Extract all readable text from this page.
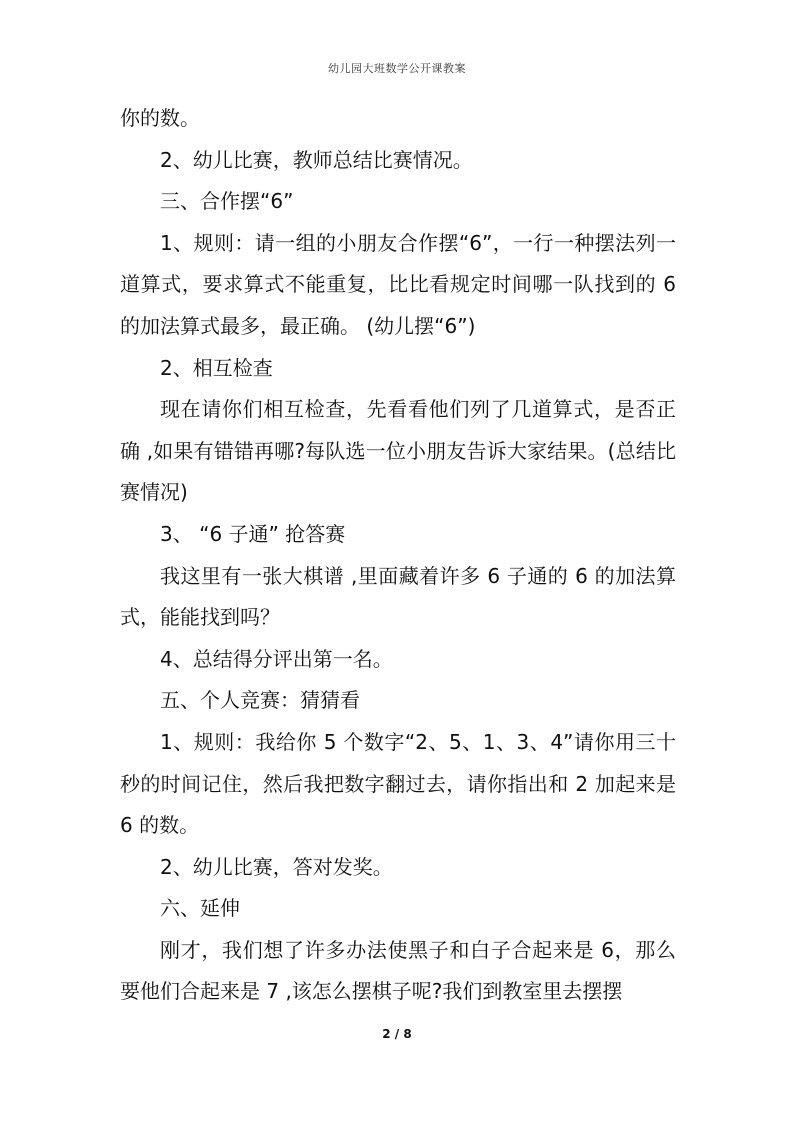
幼儿园大班数学公开课教案

你的数。

2、幼儿比赛，教师总结比赛情况。

三、合作摆“6”

1、规则：请一组的小朋友合作摆“6”，一行一种摆法列一道算式，要求算式不能重复，比比看规定时间哪一队找到的 6 的加法算式最多，最正确。 (幼儿摆“6”)

2、相互检查

现在请你们相互检查，先看看他们列了几道算式，是否正确 ,如果有错错再哪?每队选一位小朋友告诉大家结果。(总结比赛情况)

3、 “6 子通” 抢答赛

我这里有一张大棋谱 ,里面藏着许多 6 子通的 6 的加法算式，能能找到吗？

4、总结得分评出第一名。

五、个人竞赛：猜猜看

1、规则：我给你 5 个数字“2、5、1、3、4”请你用三十秒的时间记住，然后我把数字翻过去，请你指出和 2 加起来是 6 的数。

2、幼儿比赛，答对发奖。

六、延伸

刚才，我们想了许多办法使黑子和白子合起来是 6，那么要他们合起来是 7 ,该怎么摆棋子呢?我们到教室里去摆摆

2 / 8
